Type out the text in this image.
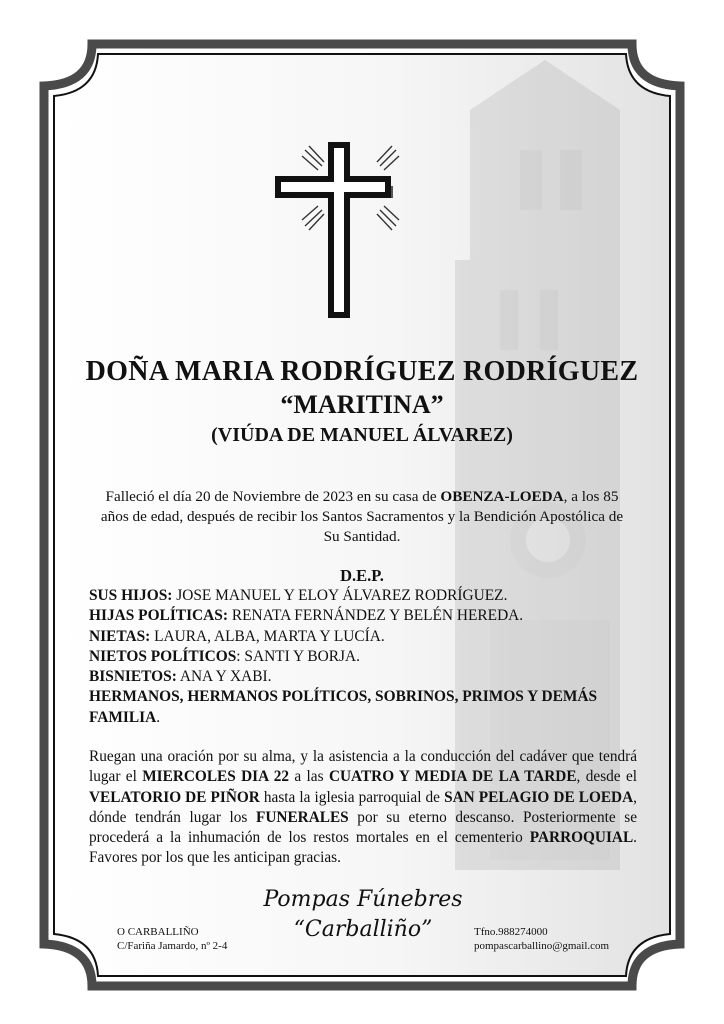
DOÑA MARIA RODRÍGUEZ RODRÍGUEZ
“MARITINA”
(VIÚDA DE MANUEL ÁLVAREZ)
Falleció el día 20 de Noviembre de 2023 en su casa de OBENZA-LOEDA, a los 85 años de edad, después de recibir los Santos Sacramentos y la Bendición Apostólica de Su Santidad.
D.E.P.
SUS HIJOS: JOSE MANUEL Y ELOY ÁLVAREZ RODRÍGUEZ.
HIJAS POLÍTICAS: RENATA FERNÁNDEZ Y BELÉN HEREDA.
NIETAS: LAURA, ALBA, MARTA Y LUCÍA.
NIETOS POLÍTICOS: SANTI Y BORJA.
BISNIETOS: ANA Y XABI.
HERMANOS, HERMANOS POLÍTICOS, SOBRINOS, PRIMOS Y DEMÁS FAMILIA.
Ruegan una oración por su alma, y la asistencia a la conducción del cadáver que tendrá lugar el MIERCOLES DIA 22 a las CUATRO Y MEDIA DE LA TARDE, desde el VELATORIO DE PIÑOR hasta la iglesia parroquial de SAN PELAGIO DE LOEDA, dónde tendrán lugar los FUNERALES por su eterno descanso. Posteriormente se procederá a la inhumación de los restos mortales en el cementerio PARROQUIAL. Favores por los que les anticipan gracias.
O CARBALLIÑO
C/Fariña Jamardo, nº 2-4
Pompas Fúnebres
“Carballiño”	Tfno.988274000
pompascarballino@gmail.com
